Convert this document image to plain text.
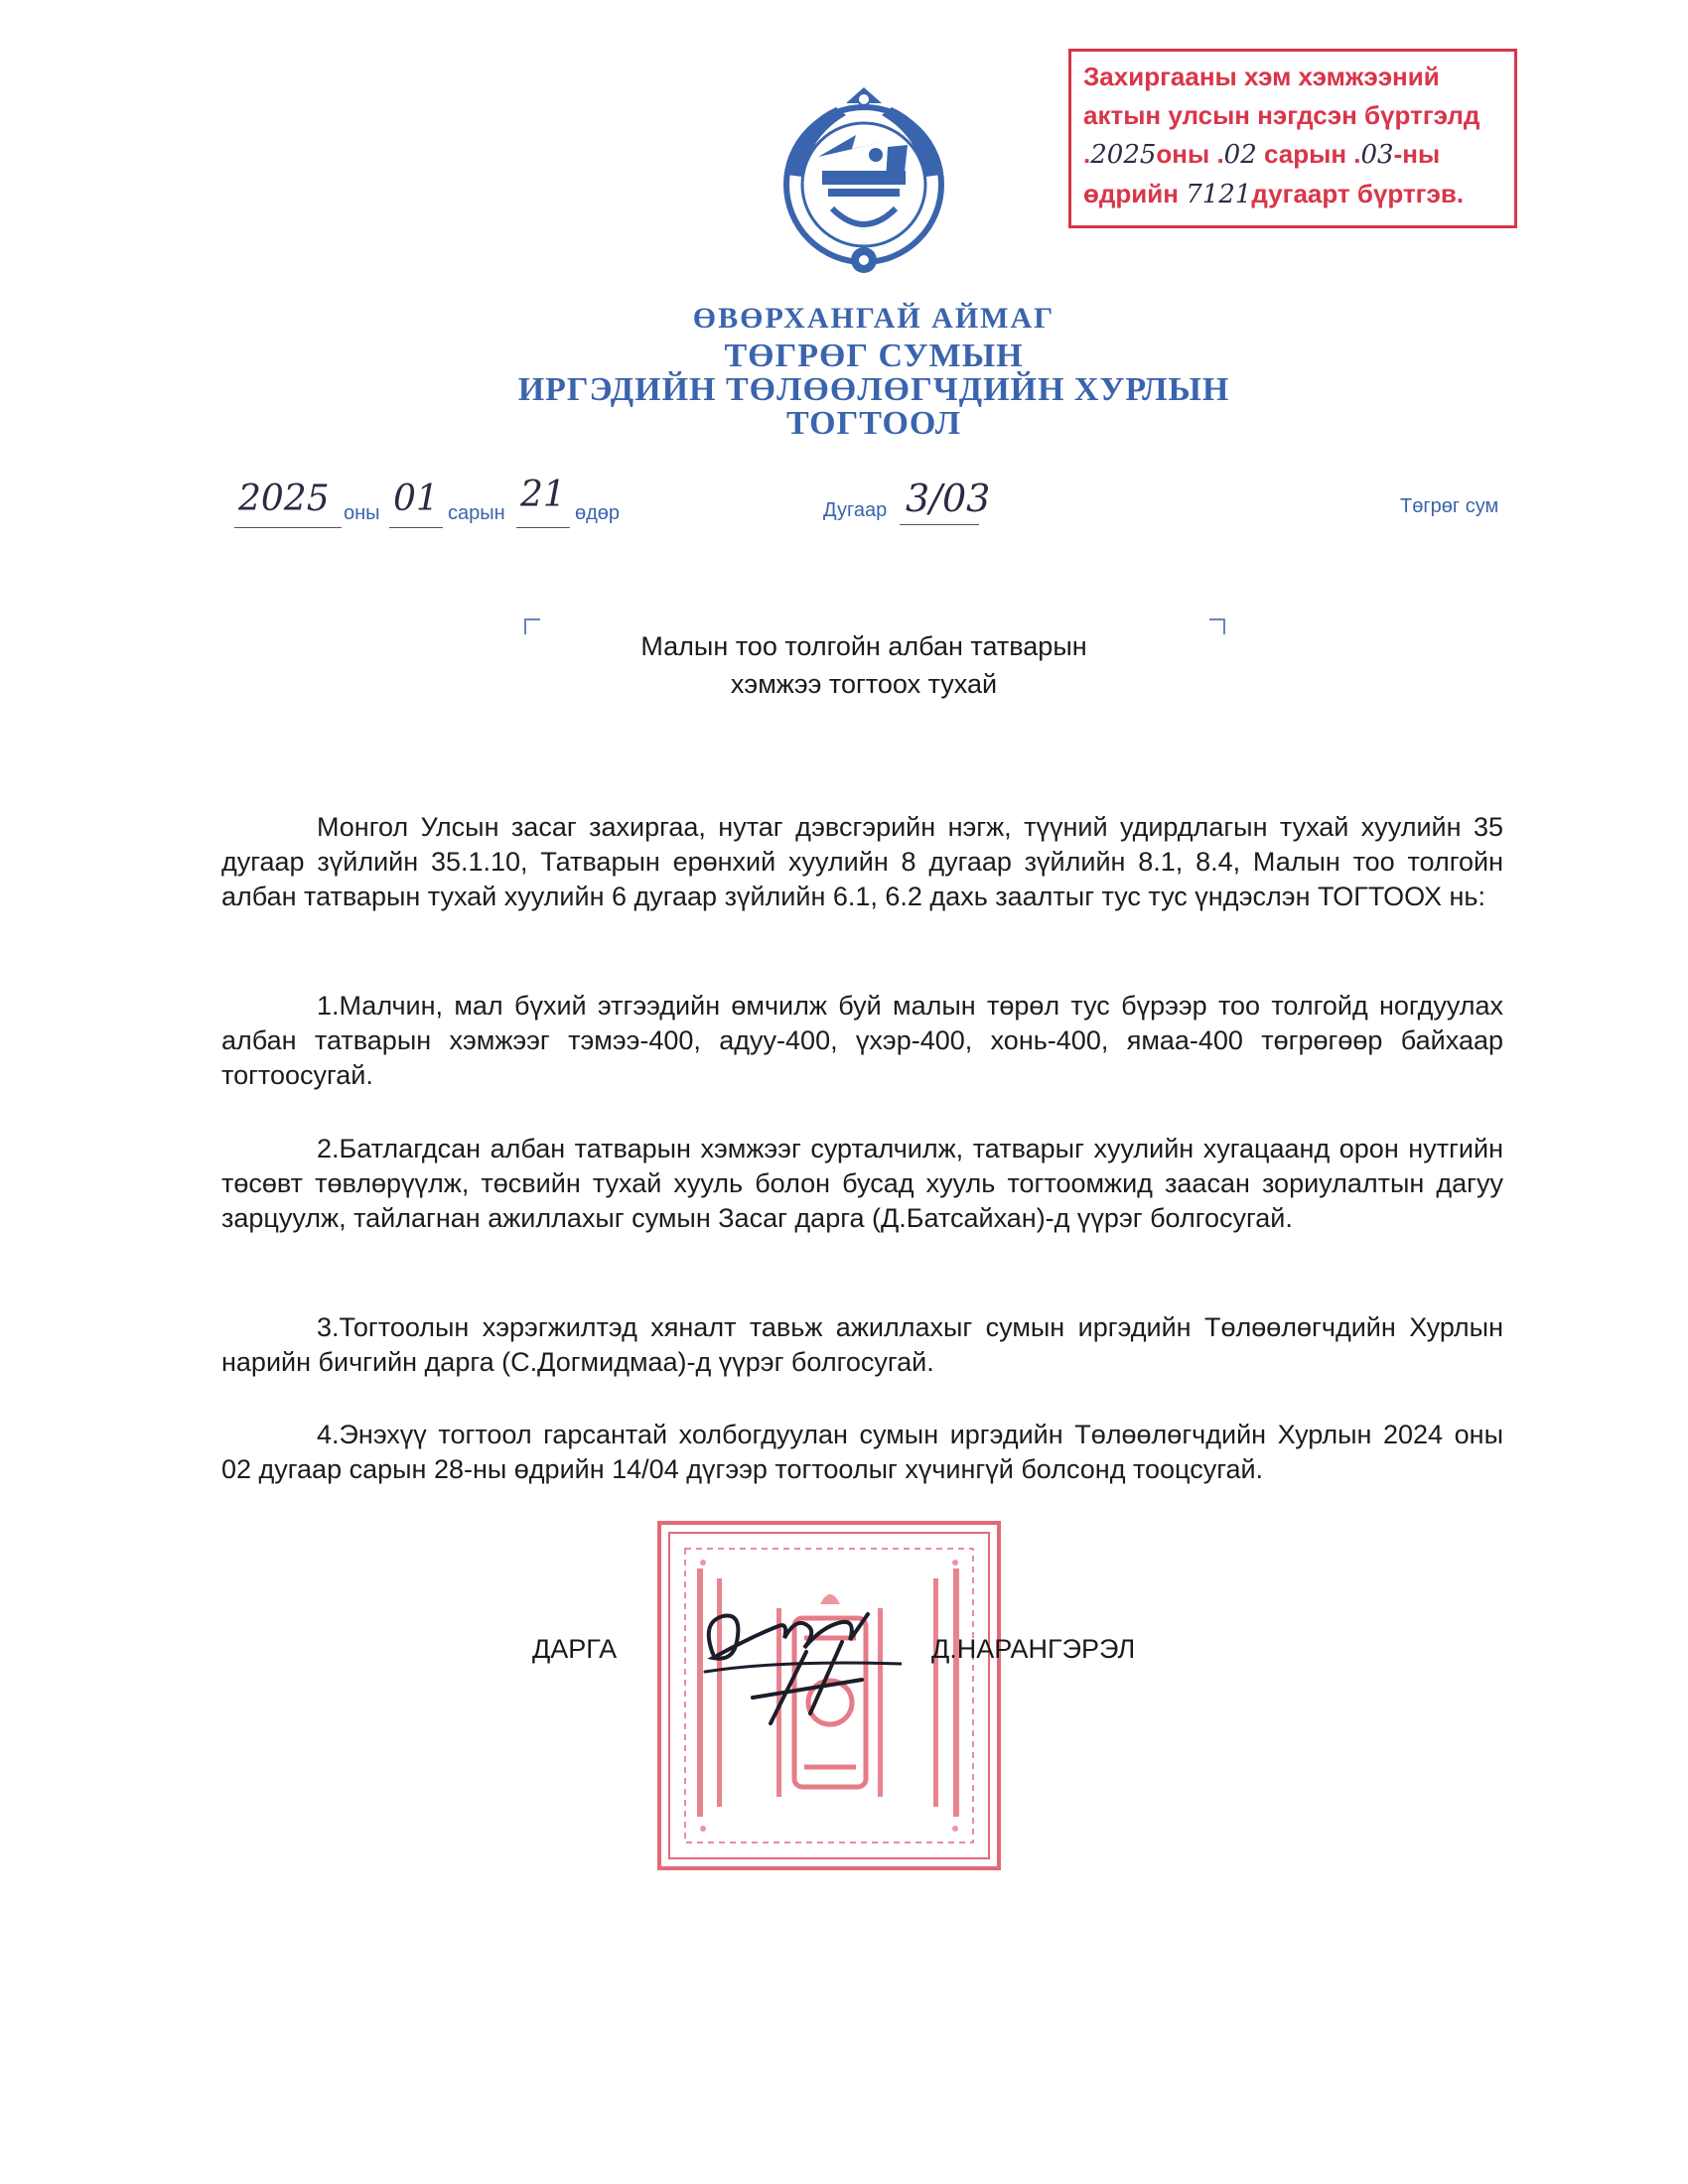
Захиргааны хэм хэмжээний
актын улсын нэгдсэн бүртгэлд
.2025оны .02 сарын .03-ны
өдрийн 7121дугаарт бүртгэв.
ӨВӨРХАНГАЙ АЙМАГ
ТӨГРӨГ СУМЫН
ИРГЭДИЙН ТӨЛӨӨЛӨГЧДИЙН ХУРЛЫН
ТОГТООЛ
2025 оны 01 сарын 21 өдөр	Дугаар 3/03	Төгрөг сум
Малын тоо толгойн албан татварын
хэмжээ тогтоох тухай
Монгол Улсын засаг захиргаа, нутаг дэвсгэрийн нэгж, түүний удирдлагын тухай хуулийн 35 дугаар зүйлийн 35.1.10, Татварын ерөнхий хуулийн 8 дугаар зүйлийн 8.1, 8.4, Малын тоо толгойн албан татварын тухай хуулийн 6 дугаар зүйлийн 6.1, 6.2 дахь заалтыг тус тус үндэслэн ТОГТООХ нь:
1.Малчин, мал бүхий этгээдийн өмчилж буй малын төрөл тус бүрээр тоо толгойд ногдуулах албан татварын хэмжээг тэмээ-400, адуу-400, үхэр-400, хонь-400, ямаа-400 төгрөгөөр байхаар тогтоосугай.
2.Батлагдсан албан татварын хэмжээг сурталчилж, татварыг хуулийн хугацаанд орон нутгийн төсөвт төвлөрүүлж, төсвийн тухай хууль болон бусад хууль тогтоомжид заасан зориулалтын дагуу зарцуулж, тайлагнан ажиллахыг сумын Засаг дарга (Д.Батсайхан)-д үүрэг болгосугай.
3.Тогтоолын хэрэгжилтэд хяналт тавьж ажиллахыг сумын иргэдийн Төлөөлөгчдийн Хурлын нарийн бичгийн дарга (С.Догмидмаа)-д үүрэг болгосугай.
4.Энэхүү тогтоол гарсантай холбогдуулан сумын иргэдийн Төлөөлөгчдийн Хурлын 2024 оны 02 дугаар сарын 28-ны өдрийн 14/04 дүгээр тогтоолыг хүчингүй болсонд тооцсугай.
ДАРГА	Д.НАРАНГЭРЭЛ
